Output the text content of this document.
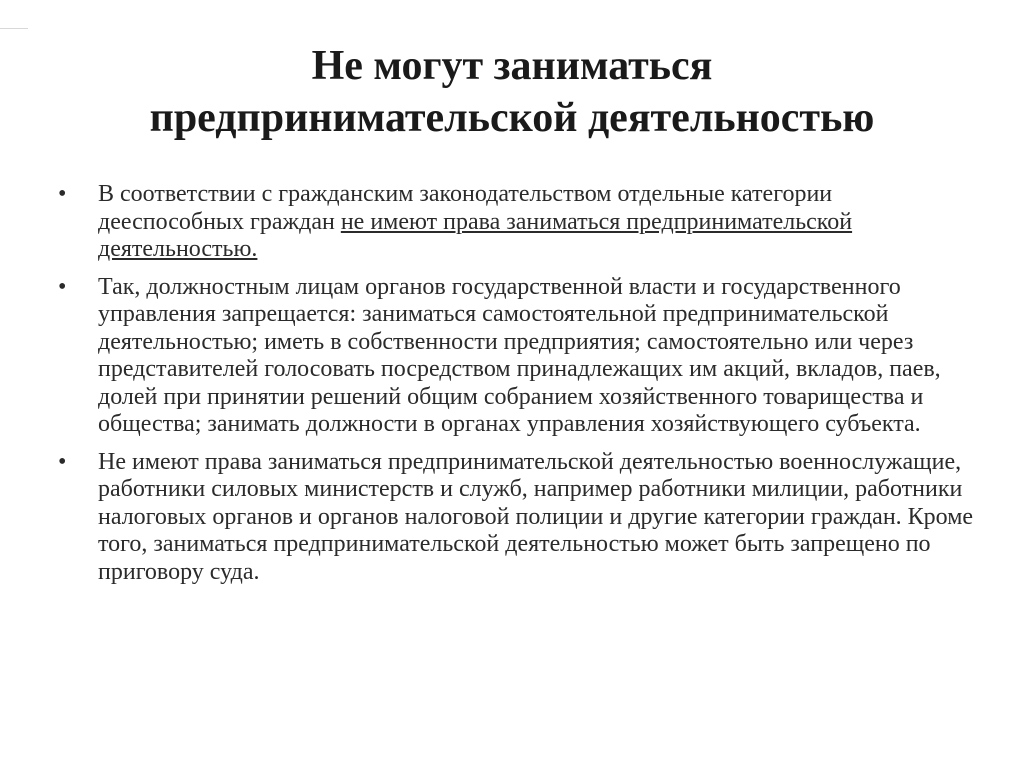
Не могут заниматься
предпринимательской деятельностью
• В соответствии с гражданским законодательством отдельные категории дееспособных граждан не имеют права заниматься предпринимательской деятельностью.
• Так, должностным лицам органов государственной власти и государственного управления запрещается: заниматься самостоятельной предпринимательской деятельностью; иметь в собственности предприятия; самостоятельно или через представителей голосовать посредством принадлежащих им акций, вкладов, паев, долей при принятии решений общим собранием хозяйственного товарищества и общества; занимать должности в органах управления хозяйствующего субъекта.
• Не имеют права заниматься предпринимательской деятельностью военнослужащие, работники силовых министерств и служб, например работники милиции, работники налоговых органов и органов налоговой полиции и другие категории граждан. Кроме того, заниматься предпринимательской деятельностью может быть запрещено по приговору суда.
